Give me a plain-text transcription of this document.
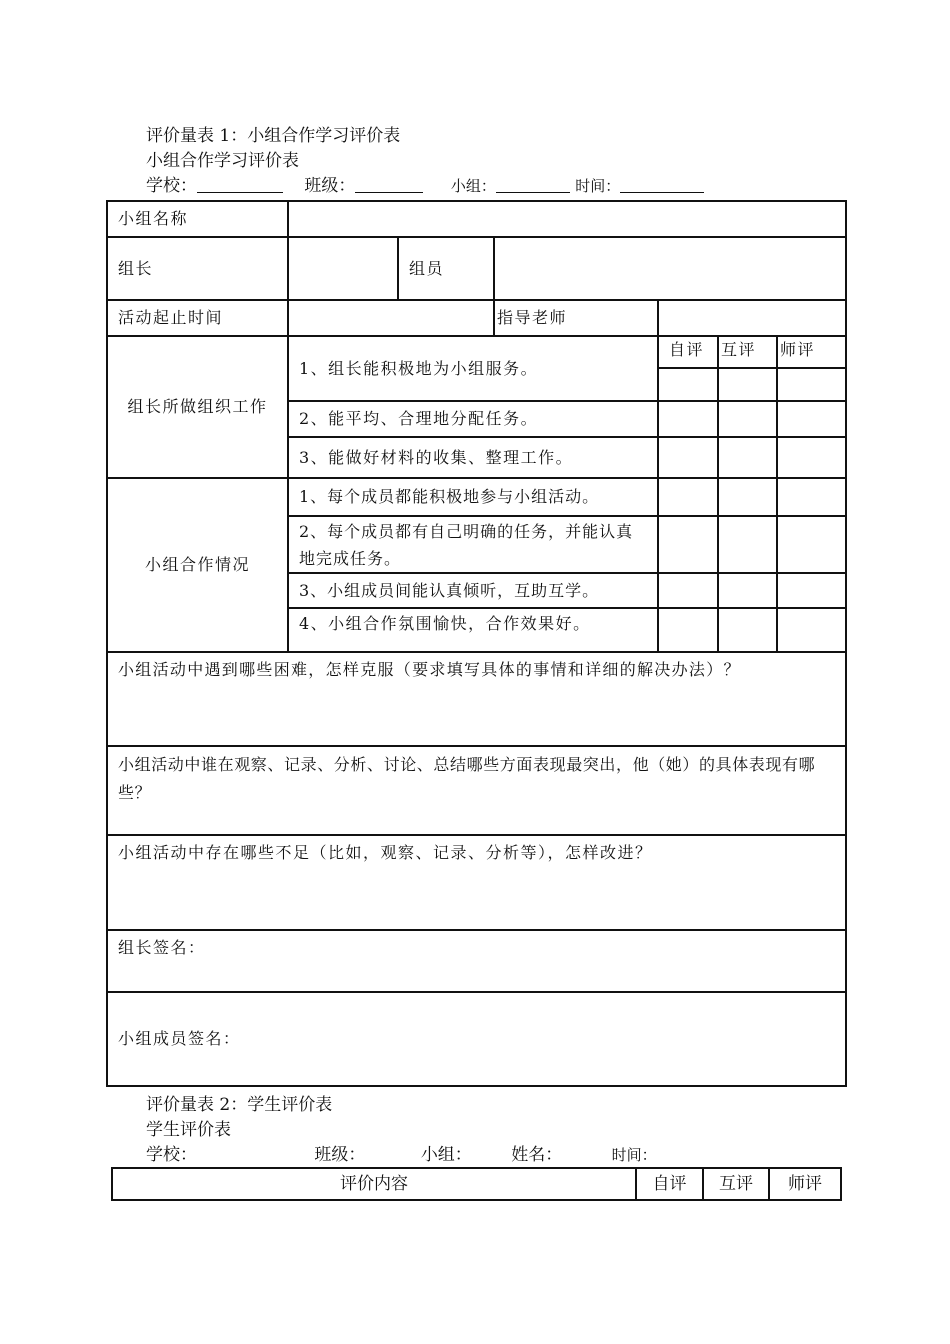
评价量表 1：小组合作学习评价表
小组合作学习评价表
学校：	班级：	小组：	时间：
小组名称						
组长		组员				
活动起止时间			指导老师			
组长所做组织工作	1、组长能积极地为小组服务。			自评	互评	师评

	2、能平均、合理地分配任务。					
	3、能做好材料的收集、整理工作。					
小组合作情况	1、每个成员都能积极地参与小组活动。					
	2、每个成员都有自己明确的任务，并能认真地完成任务。					
	3、小组成员间能认真倾听，互助互学。					
	4、小组合作氛围愉快，合作效果好。					
小组活动中遇到哪些困难，怎样克服（要求填写具体的事情和详细的解决办法）？						
小组活动中谁在观察、记录、分析、讨论、总结哪些方面表现最突出，他（她）的具体表现有哪些？						
小组活动中存在哪些不足（比如，观察、记录、分析等），怎样改进？						
组长签名：						
小组成员签名：						
评价量表 2：学生评价表
学生评价表
学校：	班级：	小组： 姓名：	时间：
评价内容	自评	互评	师评
